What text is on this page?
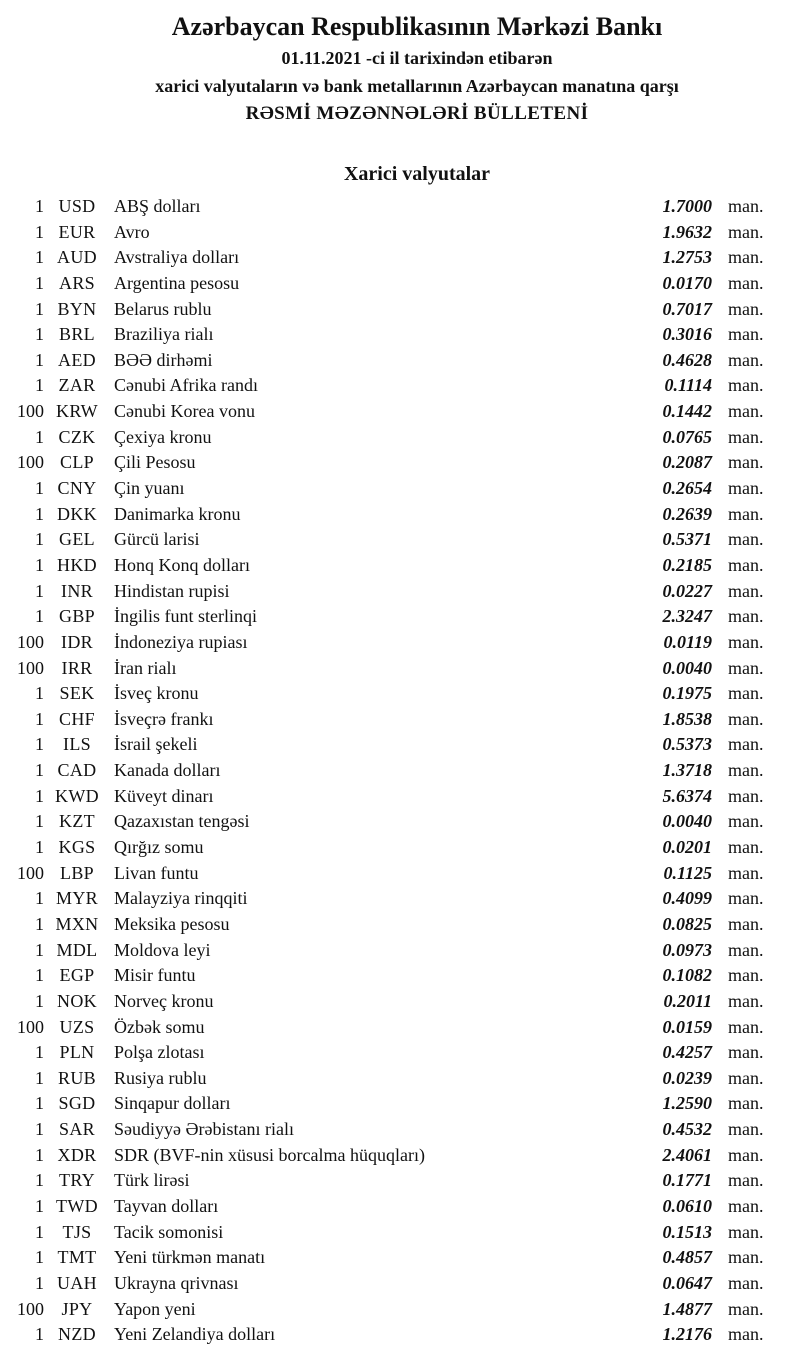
Azərbaycan Respublikasının Mərkəzi Bankı
01.11.2021 -ci il tarixindən etibarən
xarici valyutaların və bank metallarının Azərbaycan manatına qarşı
RƏSMİ MƏZƏNNƏLƏRİ BÜLLETENİ
Xarici valyutalar
1 USD	ABŞ dolları	1.7000 man.
1 EUR	Avro	1.9632 man.
1 AUD Avstraliya dolları	1.2753 man.
1 ARS	Argentina pesosu	0.0170 man.
1 BYN Belarus rublu	0.7017 man.
1 BRL	Braziliya rialı	0.3016 man.
1 AED	BƏƏ dirhəmi	0.4628 man.
1 ZAR	Cənubi Afrika randı	0.1114 man.
100 KRW Cənubi Korea vonu	0.1442 man.
1 CZK	Çexiya kronu	0.0765 man.
100 CLP	Çili Pesosu	0.2087 man.
1 CNY Çin yuanı	0.2654 man.
1 DKK Danimarka kronu	0.2639 man.
1 GEL	Gürcü larisi	0.5371 man.
1 HKD Honq Konq dolları	0.2185 man.
1 INR	Hindistan rupisi	0.0227 man.
1 GBP	İngilis funt sterlinqi	2.3247 man.
100 IDR	İndoneziya rupiası	0.0119 man.
100 IRR	İran rialı	0.0040 man.
1 SEK	İsveç kronu	0.1975 man.
1 CHF	İsveçrə frankı	1.8538 man.
1	ILS	İsrail şekeli	0.5373 man.
1 CAD Kanada dolları	1.3718 man.
1 KWD Küveyt dinarı	5.6374 man.
1 KZT	Qazaxıstan tengəsi	0.0040 man.
1 KGS	Qırğız somu	0.0201 man.
100 LBP	Livan funtu	0.1125 man.
1 MYR Malayziya rinqqiti	0.4099 man.
1 MXN Meksika pesosu	0.0825 man.
1 MDL Moldova leyi	0.0973 man.
1 EGP	Misir funtu	0.1082 man.
1 NOK Norveç kronu	0.2011 man.
100 UZS	Özbək somu	0.0159 man.
1 PLN	Polşa zlotası	0.4257 man.
1 RUB	Rusiya rublu	0.0239 man.
1 SGD	Sinqapur dolları	1.2590 man.
1 SAR	Səudiyyə Ərəbistanı rialı	0.4532 man.
1 XDR SDR (BVF-nin xüsusi borcalma hüquqları)	2.4061 man.
1 TRY	Türk lirəsi	0.1771 man.
1 TWD Tayvan dolları	0.0610 man.
1	TJS	Tacik somonisi	0.1513 man.
1 TMT Yeni türkmən manatı	0.4857 man.
1 UAH Ukrayna qrivnası	0.0647 man.
100 JPY	Yapon yeni	1.4877 man.
1 NZD	Yeni Zelandiya dolları	1.2176 man.
